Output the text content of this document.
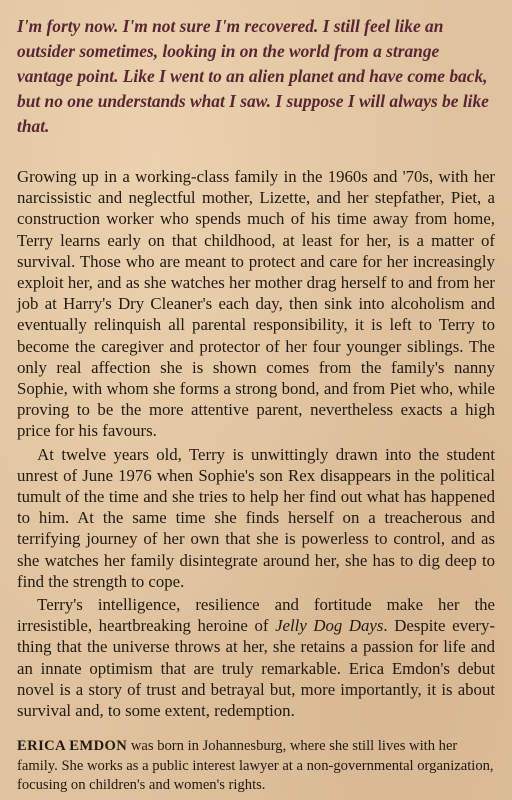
I'm forty now. I'm not sure I'm recovered. I still feel like an outsider sometimes, looking in on the world from a strange vantage point. Like I went to an alien planet and have come back, but no one understands what I saw. I suppose I will always be like that.

Growing up in a working-class family in the 1960s and '70s, with her narcissistic and neglectful mother, Lizette, and her stepfather, Piet, a construction worker who spends much of his time away from home, Terry learns early on that childhood, at least for her, is a matter of survival. Those who are meant to protect and care for her increasingly exploit her, and as she watches her mother drag herself to and from her job at Harry's Dry Cleaner's each day, then sink into alcoholism and eventually relinquish all parental responsibility, it is left to Terry to become the caregiver and protector of her four younger siblings. The only real affection she is shown comes from the family's nanny Sophie, with whom she forms a strong bond, and from Piet who, while proving to be the more attentive parent, nevertheless exacts a high price for his favours.

At twelve years old, Terry is unwittingly drawn into the student unrest of June 1976 when Sophie's son Rex disappears in the political tumult of the time and she tries to help her find out what has happened to him. At the same time she finds herself on a treacherous and terrifying journey of her own that she is powerless to control, and as she watches her family disintegrate around her, she has to dig deep to find the strength to cope.

Terry's intelligence, resilience and fortitude make her the irresistible, heartbreaking heroine of Jelly Dog Days. Despite everything that the universe throws at her, she retains a passion for life and an innate optimism that are truly remarkable. Erica Emdon's debut novel is a story of trust and betrayal but, more importantly, it is about survival and, to some extent, redemption.

ERICA EMDON was born in Johannesburg, where she still lives with her family. She works as a public interest lawyer at a non-governmental organization, focusing on children's and women's rights.
